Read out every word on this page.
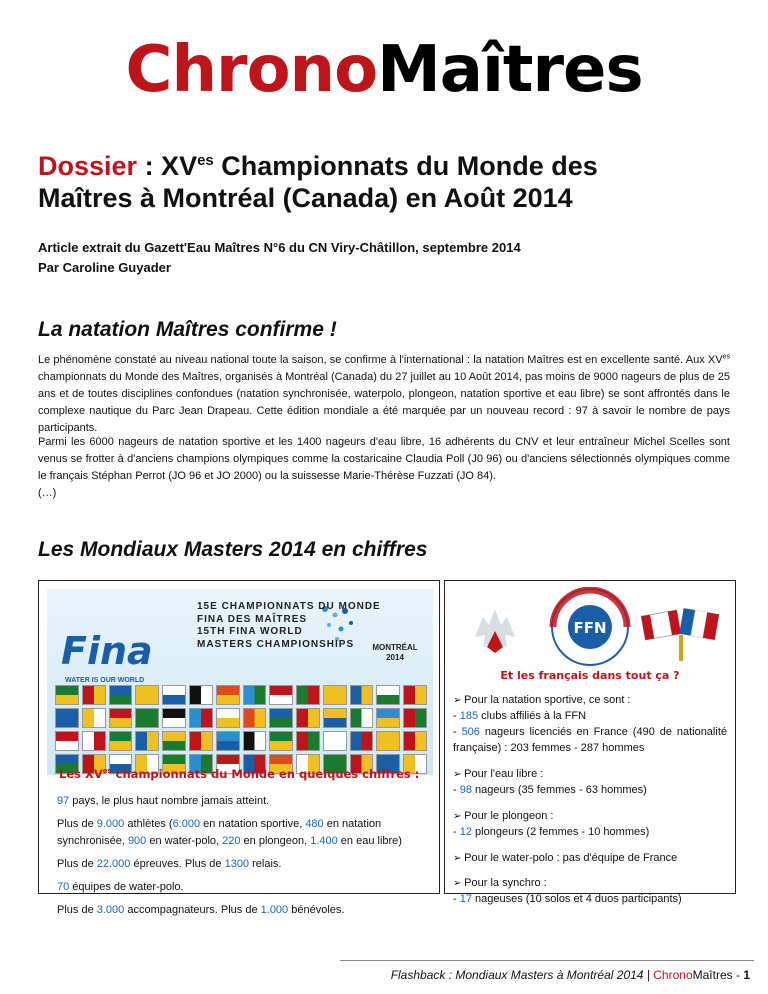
ChronoMaîtres
Dossier : $XV^{es}$ Championnats du Monde des
Maîtres à Montréal (Canada) en Août 2014
Article extrait du Gazett'Eau Maîtres N°6 du CN Viry-Châtillon, septembre 2014
Par Caroline Guyader
La natation Maîtres confirme !
Le phénomène constaté au niveau national toute la saison, se confirme à l'international : la natation Maîtres est en excellente santé. Aux $XV^{es}$ championnats du Monde des Maîtres, organisés à Montréal (Canada) du 27 juillet au 10 Août 2014, pas moins de 9000 nageurs de plus de 25 ans et de toutes disciplines confondues (natation synchronisée, waterpolo, plongeon, natation sportive et eau libre) se sont affrontés dans le complexe nautique du Parc Jean Drapeau. Cette édition mondiale a été marquée par un nouveau record : 97 à savoir le nombre de pays participants.
Parmi les 6000 nageurs de natation sportive et les 1400 nageurs d'eau libre, 16 adhérents du CNV et leur entraîneur Michel Scelles sont venus se frotter à d'anciens champions olympiques comme la costaricaine Claudia Poll (J0 96) ou d'anciens sélectionnés olympiques comme le français Stéphan Perrot (JO 96 et JO 2000) ou la suissesse Marie-Thérèse Fuzzati (JO 84).
(…)
Les Mondiaux Masters 2014 en chiffres
Fina
WATER IS OUR WORLD
15E CHAMPIONNATS DU MONDE
FINA DES MAÎTRES
15TH FINA WORLD
MASTERS CHAMPIONSHIPS	MONTRÉAL
2014
Les $XV^{es}$ championnats du Monde en quelques chiffres :

97 pays, le plus haut nombre jamais atteint.

Plus de 9.000 athlètes (6.000 en natation sportive, 480 en natation synchronisée, 900 en water-polo, 220 en plongeon, 1.400 en eau libre)

Plus de 22.000 épreuves. Plus de 1300 relais.

70 équipes de water-polo.

Plus de 3.000 accompagnateurs. Plus de 1.000 bénévoles.

FFN
Et les français dans tout ça ?
➢ Pour la natation sportive, ce sont :
- 185 clubs affiliés à la FFN
- 506 nageurs licenciés en France (490 de nationalité française) : 203 femmes - 287 hommes
➢ Pour l'eau libre :
- 98 nageurs (35 femmes - 63 hommes)
➢ Pour le plongeon :
- 12 plongeurs (2 femmes - 10 hommes)
➢ Pour le water-polo : pas d'équipe de France
➢ Pour la synchro :
- 17 nageuses (10 solos et 4 duos participants)
Flashback : Mondiaux Masters à Montréal 2014 | ChronoMaîtres - 1
